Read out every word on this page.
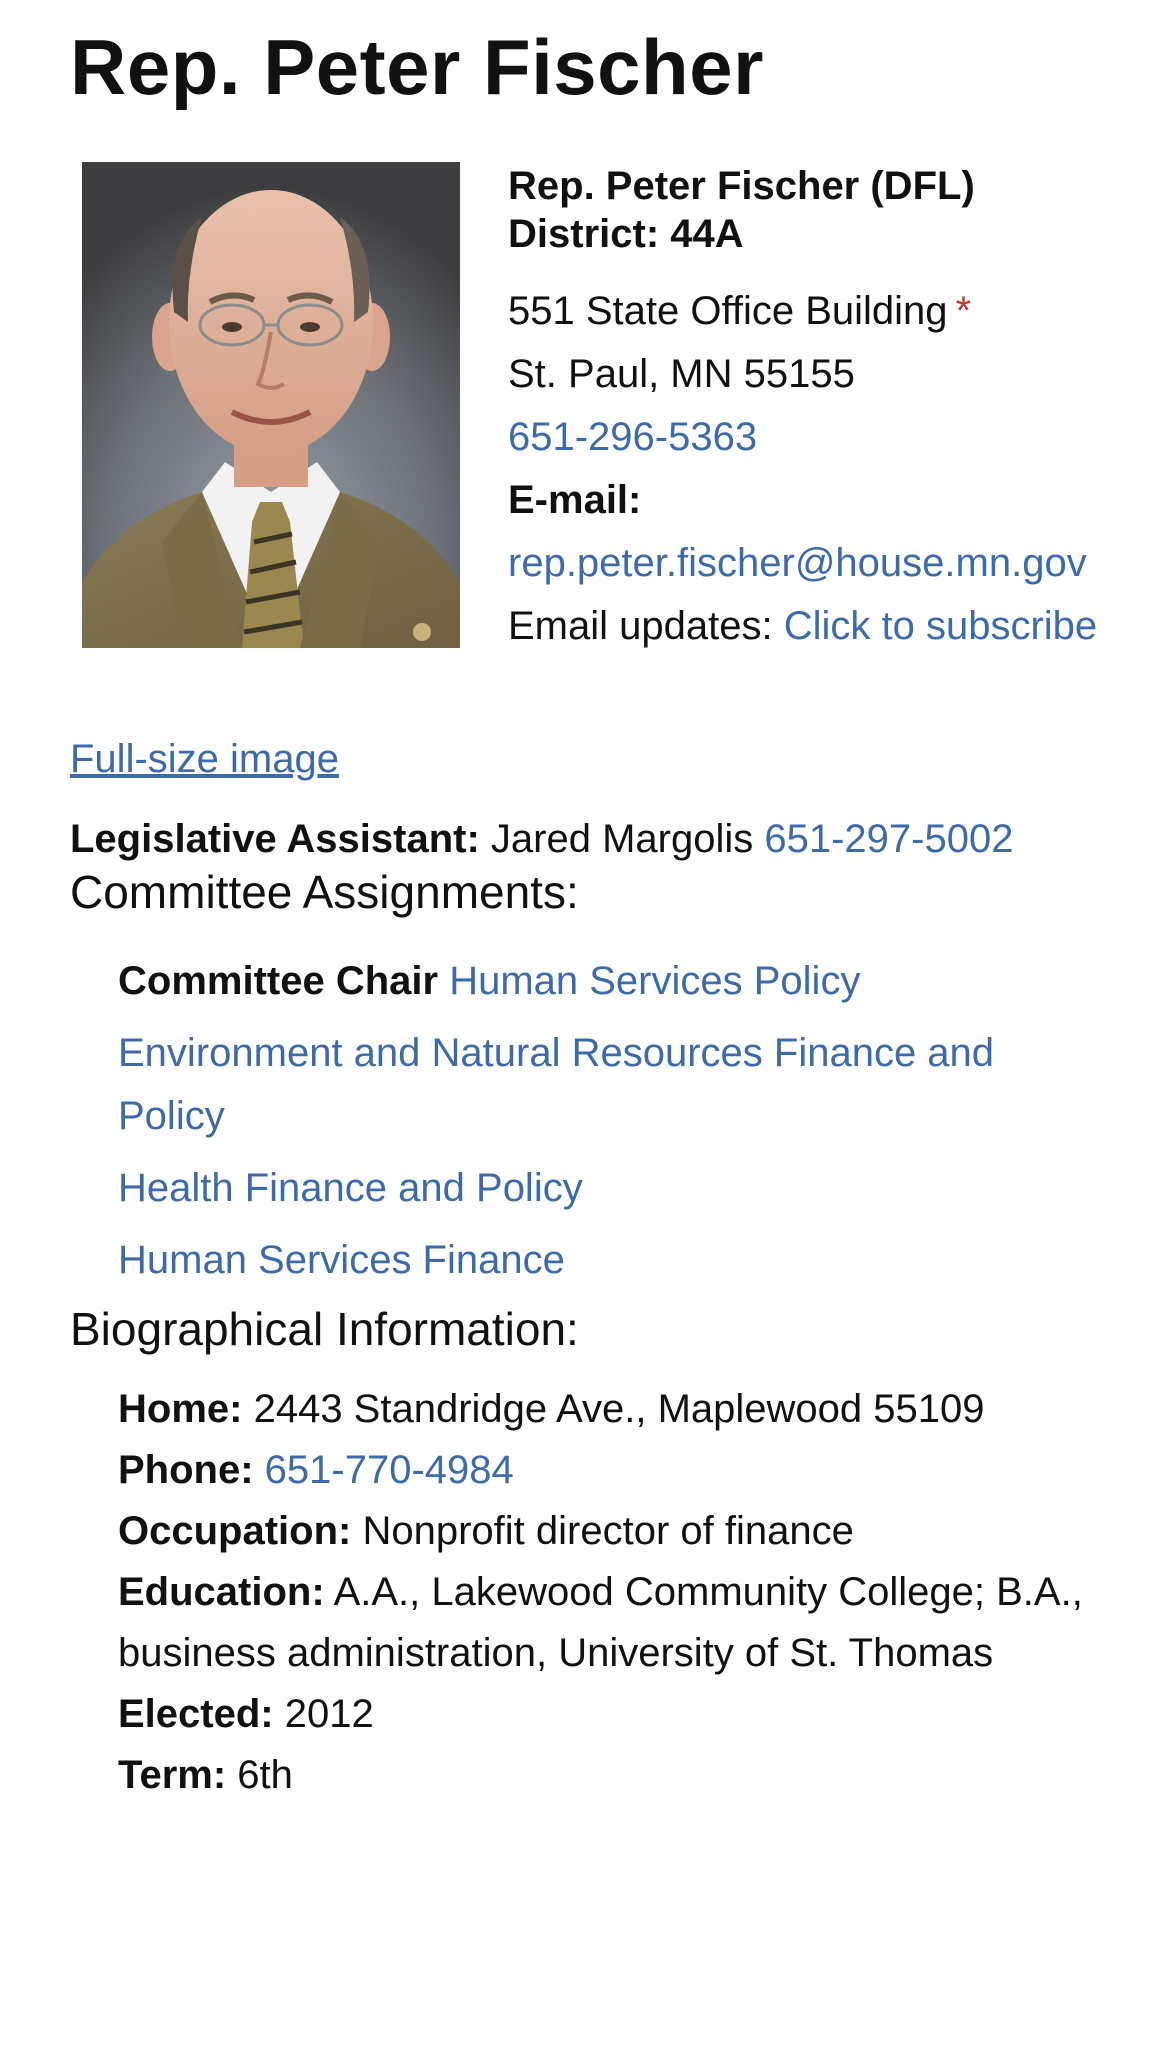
Rep. Peter Fischer
Rep. Peter Fischer (DFL)
District: 44A
551 State Office Building *
St. Paul, MN 55155
651-296-5363
E-mail:
rep.peter.fischer@house.mn.gov
Email updates: Click to subscribe
Full-size image
Legislative Assistant: Jared Margolis 651-297-5002
Committee Assignments:
Committee Chair Human Services Policy
Environment and Natural Resources Finance and Policy
Health Finance and Policy
Human Services Finance
Biographical Information:
Home: 2443 Standridge Ave., Maplewood 55109
Phone: 651-770-4984
Occupation: Nonprofit director of finance
Education: A.A., Lakewood Community College; B.A., business administration, University of St. Thomas
Elected: 2012
Term: 6th
